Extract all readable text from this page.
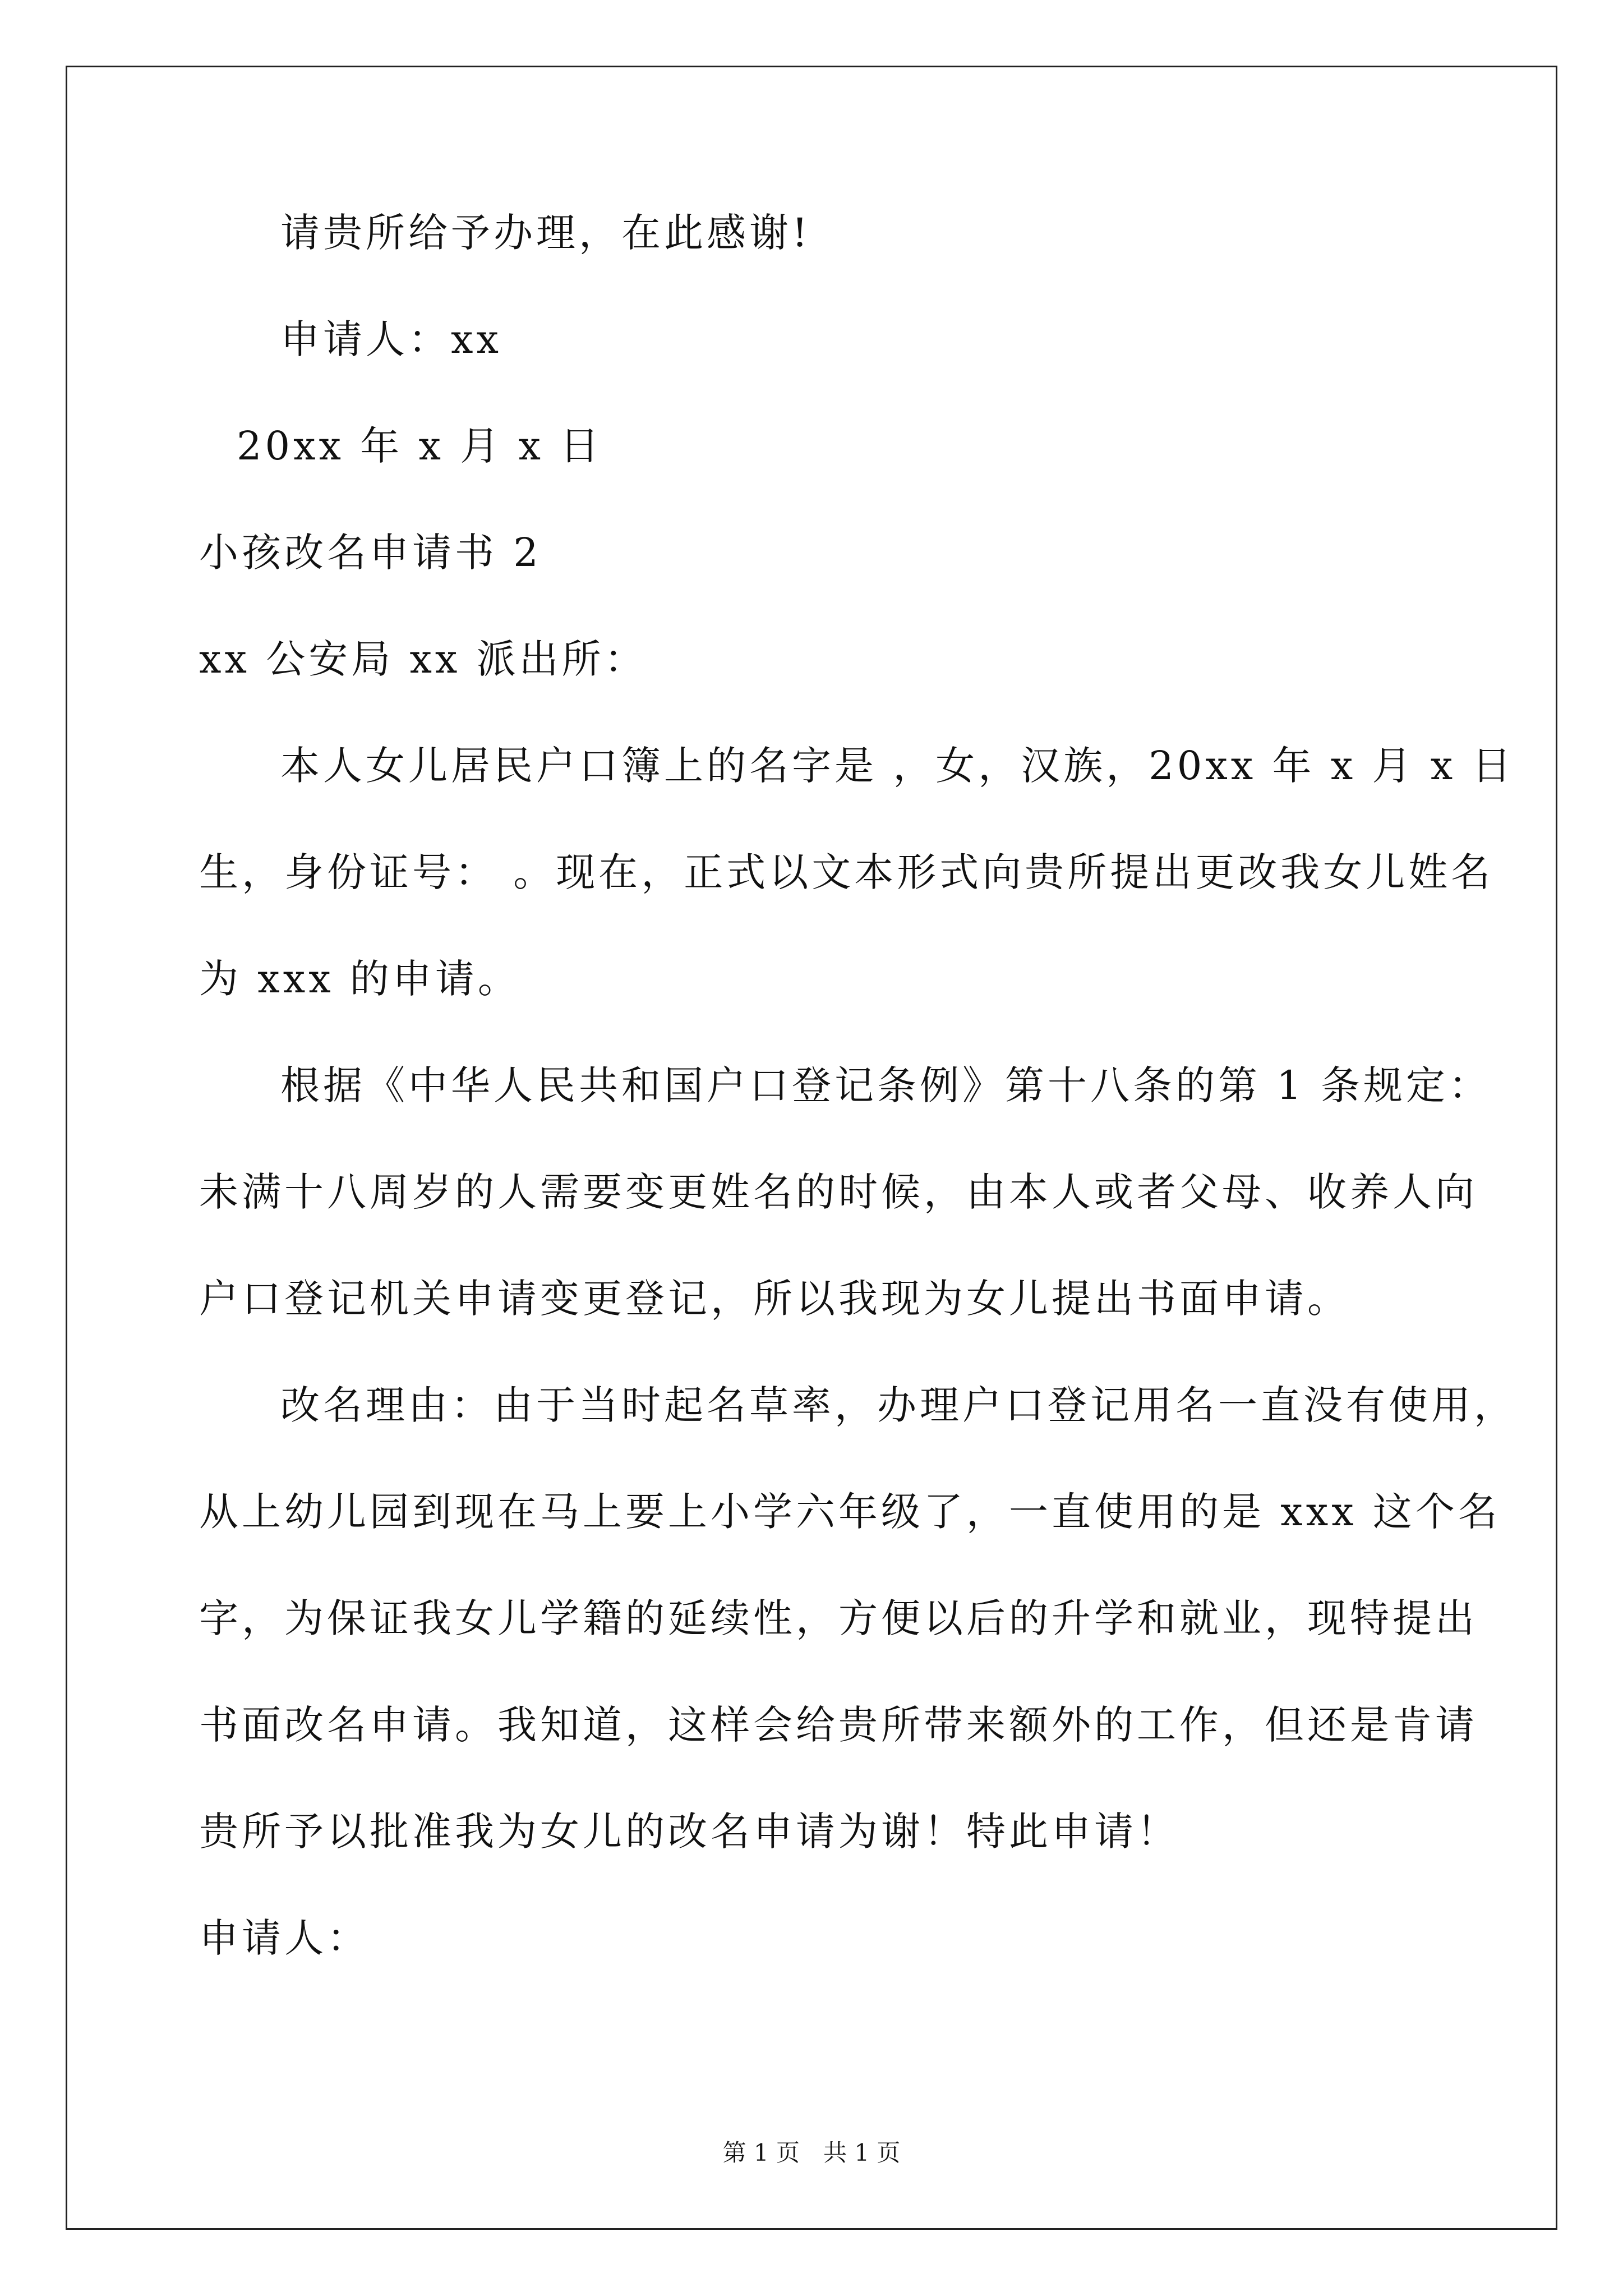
请贵所给予办理，在此感谢!
申请人：xx
20xx 年 x 月 x 日
小孩改名申请书 2
xx 公安局 xx 派出所：
本人女儿居民户口簿上的名字是 ，女，汉族，20xx 年 x 月 x 日
生，身份证号： 。现在，正式以文本形式向贵所提出更改我女儿姓名
为 xxx 的申请。
根据《中华人民共和国户口登记条例》第十八条的第 1 条规定：
未满十八周岁的人需要变更姓名的时候，由本人或者父母、收养人向
户口登记机关申请变更登记，所以我现为女儿提出书面申请。
改名理由：由于当时起名草率，办理户口登记用名一直没有使用，
从上幼儿园到现在马上要上小学六年级了，一直使用的是 xxx 这个名
字，为保证我女儿学籍的延续性，方便以后的升学和就业，现特提出
书面改名申请。我知道，这样会给贵所带来额外的工作，但还是肯请
贵所予以批准我为女儿的改名申请为谢！特此申请！
申请人：
第 1 页　共 1 页
